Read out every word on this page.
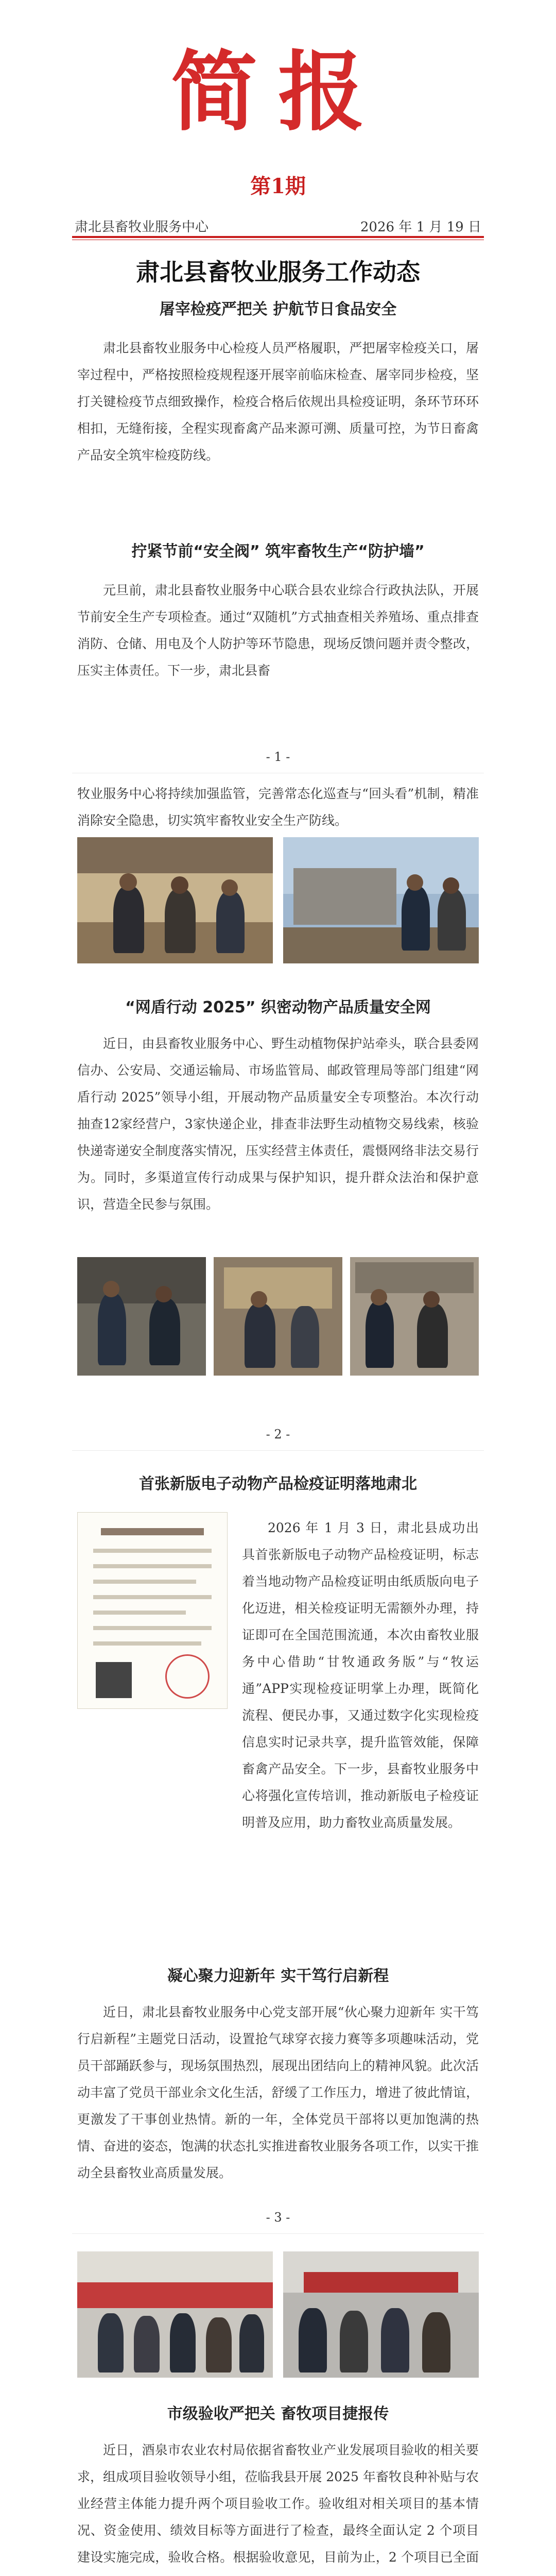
简报
第1期
肃北县畜牧业服务中心	2026 年 1 月 19 日
肃北县畜牧业服务工作动态
屠宰检疫严把关 护航节日食品安全

肃北县畜牧业服务中心检疫人员严格履职，严把屠宰检疫关口，屠宰过程中，严格按照检疫规程逐开展宰前临床检查、屠宰同步检疫，坚打关键检疫节点细致操作，检疫合格后依规出具检疫证明，条环节环环相扣，无缝衔接，全程实现畜禽产品来源可溯、质量可控，为节日畜禽产品安全筑牢检疫防线。

拧紧节前“安全阀” 筑牢畜牧生产“防护墙”

元旦前，肃北县畜牧业服务中心联合县农业综合行政执法队，开展节前安全生产专项检查。通过“双随机”方式抽查相关养殖场、重点排查消防、仓储、用电及个人防护等环节隐患，现场反馈问题并责令整改，压实主体责任。下一步，肃北县畜

- 1 -

牧业服务中心将持续加强监管，完善常态化巡查与“回头看”机制，精准消除安全隐患，切实筑牢畜牧业安全生产防线。

“网盾行动 2025” 织密动物产品质量安全网

近日，由县畜牧业服务中心、野生动植物保护站牵头，联合县委网信办、公安局、交通运输局、市场监管局、邮政管理局等部门组建“网盾行动 2025”领导小组，开展动物产品质量安全专项整治。本次行动抽查12家经营户，3家快递企业，排查非法野生动植物交易线索，核验快递寄递安全制度落实情况，压实经营主体责任，震慑网络非法交易行为。同时，多渠道宣传行动成果与保护知识，提升群众法治和保护意识，营造全民参与氛围。

- 2 -
首张新版电子动物产品检疫证明落地肃北

2026 年 1 月 3 日，肃北县成功出具首张新版电子动物产品检疫证明，标志着当地动物产品检疫证明由纸质版向电子化迈进，相关检疫证明无需额外办理，持证即可在全国范围流通，本次由畜牧业服务中心借助“甘牧通政务版”与“牧运通”APP实现检疫证明掌上办理，既简化流程、便民办事，又通过数字化实现检疫信息实时记录共享，提升监管效能，保障畜禽产品安全。下一步，县畜牧业服务中心将强化宣传培训，推动新版电子检疫证明普及应用，助力畜牧业高质量发展。

凝心聚力迎新年 实干笃行启新程

近日，肃北县畜牧业服务中心党支部开展“伙心聚力迎新年 实干笃行启新程”主题党日活动，设置抢气球穿衣接力赛等多项趣味活动，党员干部踊跃参与，现场氛围热烈，展现出团结向上的精神风貌。此次活动丰富了党员干部业余文化生活，舒缓了工作压力，增进了彼此情谊，更激发了干事创业热情。新的一年，全体党员干部将以更加饱满的热情、奋进的姿态，饱满的状态扎实推进畜牧业服务各项工作，以实干推动全县畜牧业高质量发展。

- 3 -
市级验收严把关 畜牧项目捷报传

近日，酒泉市农业农村局依据省畜牧业产业发展项目验收的相关要求，组成项目验收领导小组，莅临我县开展 2025 年畜牧良种补贴与农业经营主体能力提升两个项目验收工作。验收组对相关项目的基本情况、资金使用、绩效目标等方面进行了检查，最终全面认定 2 个项目建设实施完成，验收合格。根据验收意见，目前为止，2 个项目已全面
